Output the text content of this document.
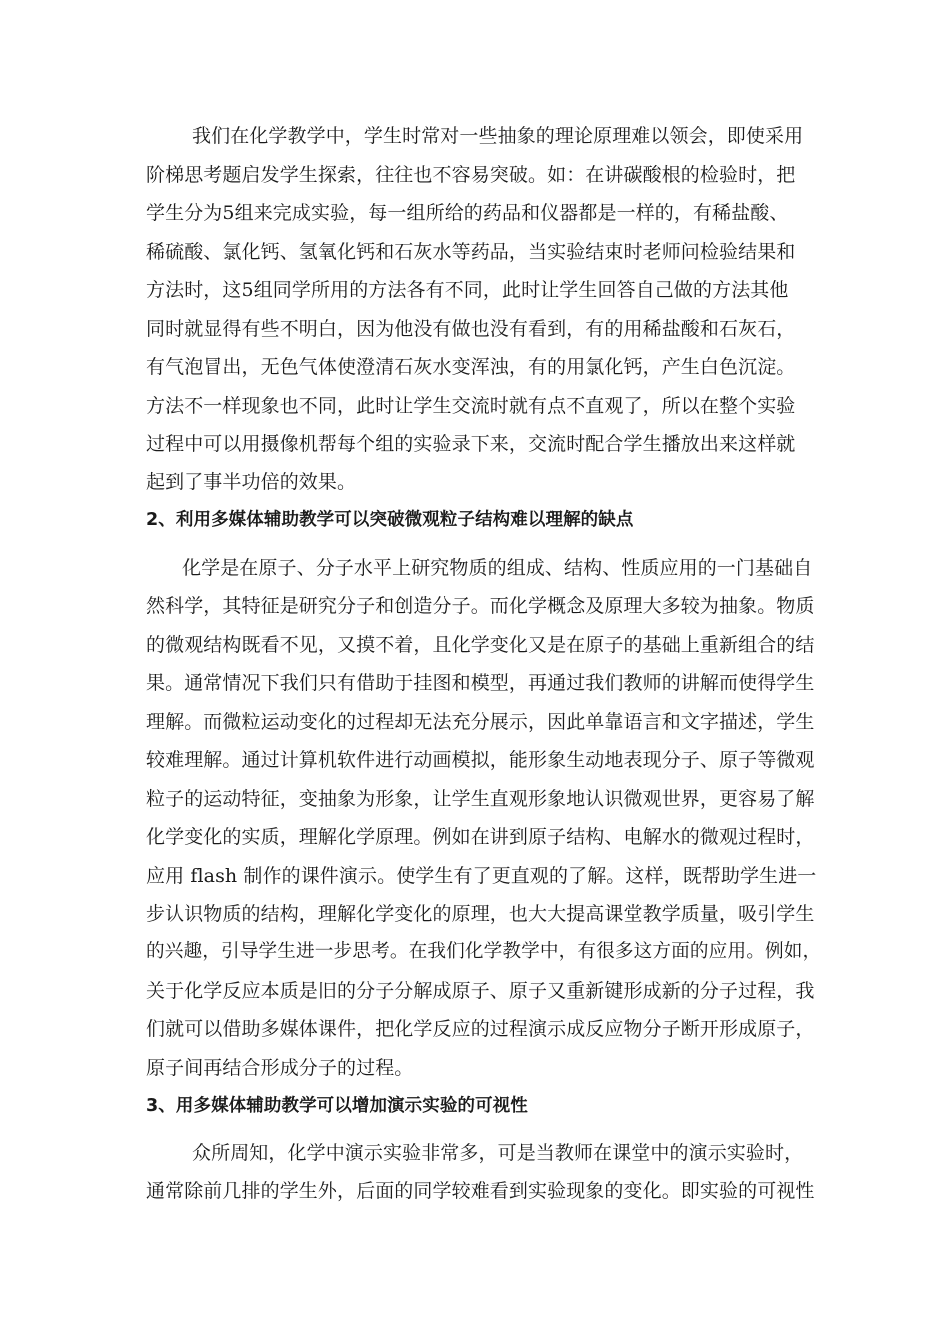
我们在化学教学中，学生时常对一些抽象的理论原理难以领会，即使采用
阶梯思考题启发学生探索，往往也不容易突破。如：在讲碳酸根的检验时，把
学生分为5组来完成实验，每一组所给的药品和仪器都是一样的，有稀盐酸、
稀硫酸、氯化钙、氢氧化钙和石灰水等药品，当实验结束时老师问检验结果和
方法时，这5组同学所用的方法各有不同，此时让学生回答自己做的方法其他
同时就显得有些不明白，因为他没有做也没有看到，有的用稀盐酸和石灰石，
有气泡冒出，无色气体使澄清石灰水变浑浊，有的用氯化钙，产生白色沉淀。
方法不一样现象也不同，此时让学生交流时就有点不直观了，所以在整个实验
过程中可以用摄像机帮每个组的实验录下来，交流时配合学生播放出来这样就
起到了事半功倍的效果。
2、利用多媒体辅助教学可以突破微观粒子结构难以理解的缺点
化学是在原子、分子水平上研究物质的组成、结构、性质应用的一门基础自
然科学，其特征是研究分子和创造分子。而化学概念及原理大多较为抽象。物质
的微观结构既看不见，又摸不着，且化学变化又是在原子的基础上重新组合的结
果。通常情况下我们只有借助于挂图和模型，再通过我们教师的讲解而使得学生
理解。而微粒运动变化的过程却无法充分展示，因此单靠语言和文字描述，学生
较难理解。通过计算机软件进行动画模拟，能形象生动地表现分子、原子等微观
粒子的运动特征，变抽象为形象，让学生直观形象地认识微观世界，更容易了解
化学变化的实质，理解化学原理。例如在讲到原子结构、电解水的微观过程时，
应用 flash 制作的课件演示。使学生有了更直观的了解。这样，既帮助学生进一
步认识物质的结构，理解化学变化的原理，也大大提高课堂教学质量，吸引学生
的兴趣，引导学生进一步思考。在我们化学教学中，有很多这方面的应用。例如，
关于化学反应本质是旧的分子分解成原子、原子又重新键形成新的分子过程，我
们就可以借助多媒体课件，把化学反应的过程演示成反应物分子断开形成原子，
原子间再结合形成分子的过程。
3、用多媒体辅助教学可以增加演示实验的可视性
众所周知，化学中演示实验非常多，可是当教师在课堂中的演示实验时，
通常除前几排的学生外，后面的同学较难看到实验现象的变化。即实验的可视性
